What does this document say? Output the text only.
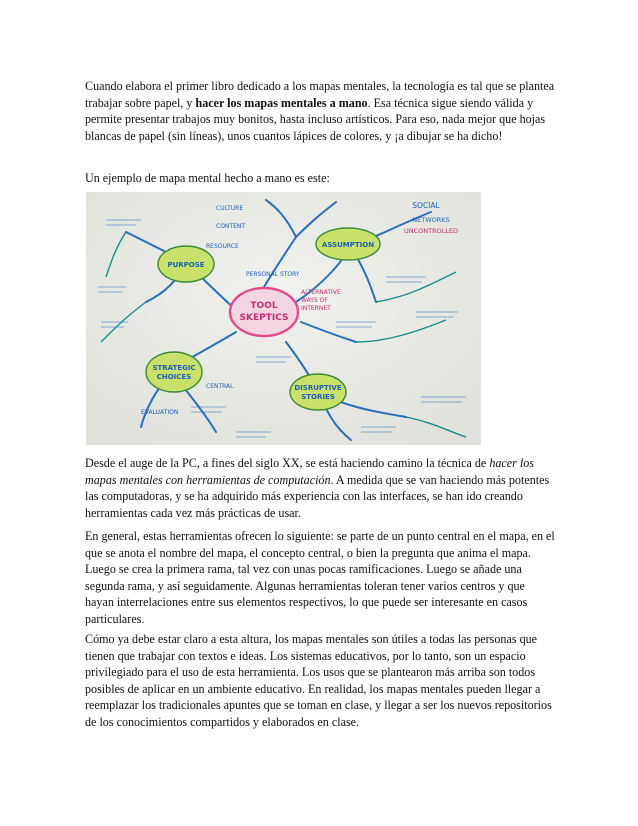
Cuando elabora el primer libro dedicado a los mapas mentales, la tecnología es tal que se plantea trabajar sobre papel, y hacer los mapas mentales a mano. Esa técnica sigue siendo válida y permite presentar trabajos muy bonitos, hasta incluso artísticos. Para eso, nada mejor que hojas blancas de papel (sin líneas), unos cuantos lápices de colores, y ¡a dibujar se ha dicho!

Un ejemplo de mapa mental hecho a mano es este:

TOOL
SKEPTICS
PURPOSE
ASSUMPTION
STRATEGIC
CHOICES
DISRUPTIVE
STORIES
SOCIAL
NETWORKS
UNCONTROLLED
ALTERNATIVE
WAYS OF
INTERNET
CONTENT
RESOURCE
CULTURE
PERSONAL STORY
EVALUATION
CENTRAL

Desde el auge de la PC, a fines del siglo XX, se está haciendo camino la técnica de hacer los mapas mentales con herramientas de computación. A medida que se van haciendo más potentes las computadoras, y se ha adquirido más experiencia con las interfaces, se han ido creando herramientas cada vez más prácticas de usar.

En general, estas herramientas ofrecen lo siguiente: se parte de un punto central en el mapa, en el que se anota el nombre del mapa, el concepto central, o bien la pregunta que anima el mapa. Luego se crea la primera rama, tal vez con unas pocas ramificaciones. Luego se añade una segunda rama, y así seguidamente. Algunas herramientas toleran tener varios centros y que hayan interrelaciones entre sus elementos respectivos, lo que puede ser interesante en casos particulares.

Cómo ya debe estar claro a esta altura, los mapas mentales son útiles a todas las personas que tienen que trabajar con textos e ideas. Los sistemas educativos, por lo tanto, son un espacio privilegiado para el uso de esta herramienta. Los usos que se plantearon más arriba son todos posibles de aplicar en un ambiente educativo. En realidad, los mapas mentales pueden llegar a reemplazar los tradicionales apuntes que se toman en clase, y llegar a ser los nuevos repositorios de los conocimientos compartidos y elaborados en clase.
